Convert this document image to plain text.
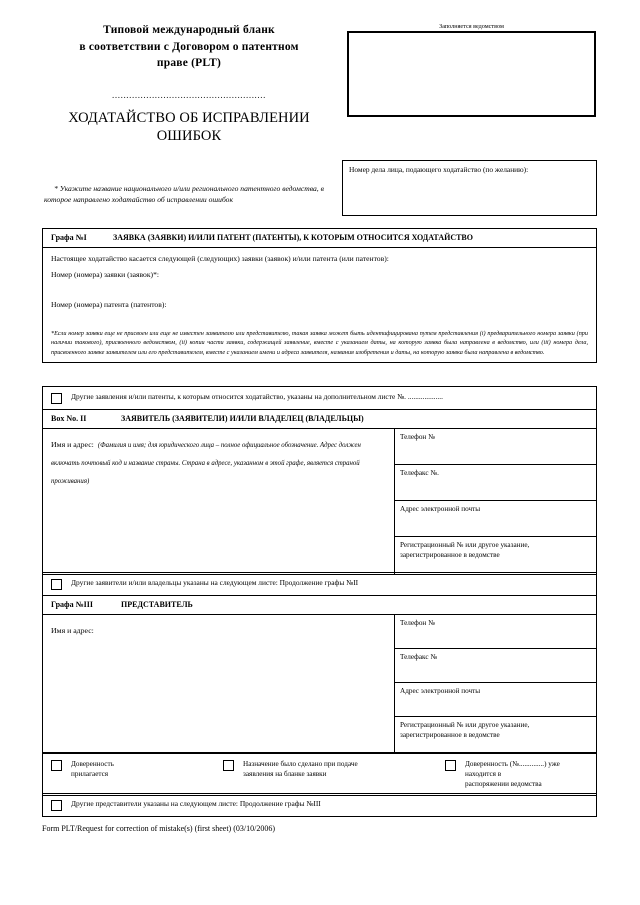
Типовой международный бланк
в соответствии с Договором о патентном
праве (PLT)
......................................................
ХОДАТАЙСТВО ОБ ИСПРАВЛЕНИИ
ОШИБОК
* Укажите название национального и/или регионального патентного ведомства, в которое направлено ходатайство об исправлении ошибок
Заполняется ведомством
Номер дела лица, подающего ходатайство (по желанию):
Графа №I	ЗАЯВКА (ЗАЯВКИ) И/ИЛИ ПАТЕНТ (ПАТЕНТЫ), К КОТОРЫМ ОТНОСИТСЯ ХОДАТАЙСТВО
Настоящее ходатайство касается следующей (следующих) заявки (заявок) и/или патента (или патентов):
Номер (номера) заявки (заявок)*:
Номер (номера) патента (патентов):
*Если номер заявки еще не присвоен или еще не известен заявителю или представителю, такая заявка может быть идентифицирована путем представления (i) предварительного номера заявки (при наличии такового), присвоенного ведомством, (ii) копии части заявки, содержащей заявление, вместе с указанием даты, на которую заявка была направлена в ведомство, или (iii) номера дела, присвоенного заявке заявителем или его представителем, вместе с указанием имени и адреса заявителя, названия изобретения и даты, на которую заявка была направлена в ведомство.
Другие заявления и/или патенты, к которым относится ходатайство, указаны на дополнительном листе №. ...................
Box No. II	ЗАЯВИТЕЛЬ (ЗАЯВИТЕЛИ) И/ИЛИ ВЛАДЕЛЕЦ (ВЛАДЕЛЬЦЫ)
Имя и адрес: (Фамилия и имя; для юридического лица – полное официальное обозначение. Адрес должен включать почтовый код и название страны. Страна в адресе, указанном в этой графе, является страной проживания)
Телефон №
Телефакс №.
Адрес электронной почты
Регистрационный № или другое указание, зарегистрированное в ведомстве
Другие заявители и/или владельцы указаны на следующем листе: Продолжение графы №II
Графа №III	ПРЕДСТАВИТЕЛЬ
Имя и адрес:
Телефон №
Телефакс №
Адрес электронной почты
Регистрационный № или другое указание, зарегистрированное в ведомстве
Доверенность
прилагается
Назначение было сделано при подаче
заявления на бланке заявки
Доверенность (№..............) уже находится в
распоряжении ведомства
Другие представители указаны на следующем листе: Продолжение графы №III
Form PLT/Request for correction of mistake(s) (first sheet) (03/10/2006)
